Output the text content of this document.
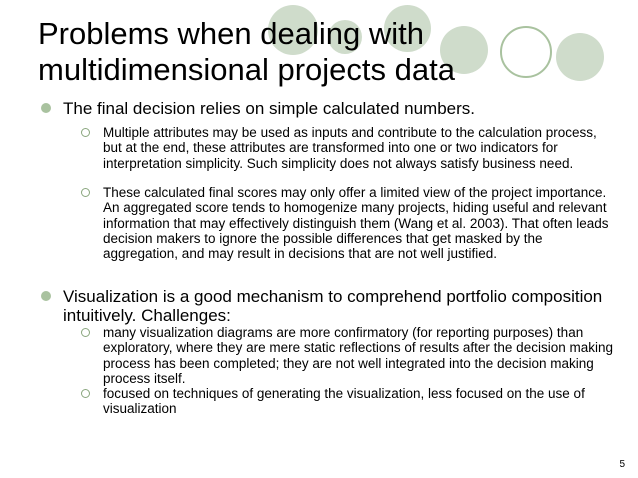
Problems when dealing with multidimensional projects data
The final decision relies on simple calculated numbers.
Multiple attributes may be used as inputs and contribute to the calculation process, but at the end, these attributes are transformed into one or two indicators for interpretation simplicity. Such simplicity does not always satisfy business need.
These calculated final scores may only offer a limited view of the project importance. An aggregated score tends to homogenize many projects, hiding useful and relevant information that may effectively distinguish them (Wang et al. 2003). That often leads decision makers to ignore the possible differences that get masked by the aggregation, and may result in decisions that are not well justified.
Visualization is a good mechanism to comprehend portfolio composition intuitively. Challenges:
many visualization diagrams are more confirmatory (for reporting purposes) than exploratory, where they are mere static reflections of results after the decision making process has been completed; they are not well integrated into the decision making process itself.
focused on techniques of generating the visualization, less focused on the use of visualization
5
